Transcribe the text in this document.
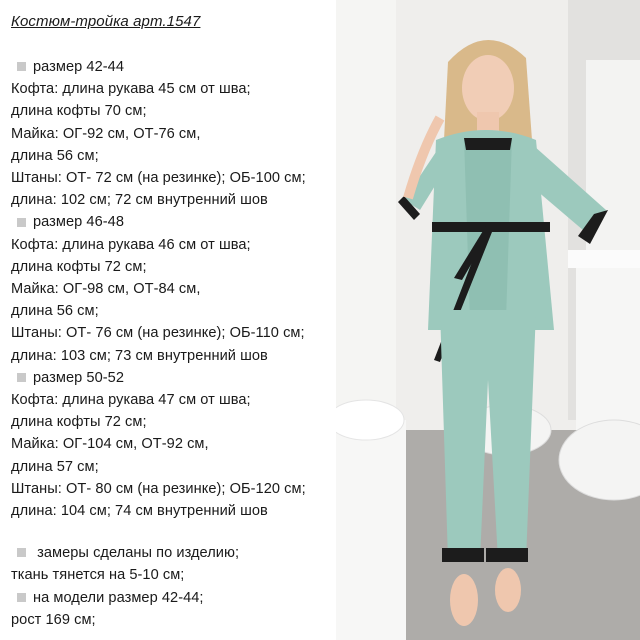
Костюм-тройка арт.1547
размер 42-44
Кофта: длина рукава 45 см от шва;
длина кофты 70 см;
Майка: ОГ-92 см, ОТ-76 см,
длина 56 см;
Штаны: ОТ- 72 см (на резинке); ОБ-100 см;
длина: 102 см; 72 см внутренний шов
размер 46-48
Кофта: длина рукава 46 см от шва;
длина кофты 72 см;
Майка: ОГ-98 см, ОТ-84 см,
длина 56 см;
Штаны: ОТ- 76 см (на резинке); ОБ-110 см;
длина: 103 см; 73 см внутренний шов
размер 50-52
Кофта: длина рукава 47 см от шва;
длина кофты 72 см;
Майка: ОГ-104 см, ОТ-92 см,
длина 57 см;
Штаны: ОТ- 80 см (на резинке); ОБ-120 см;
длина: 104 см; 74 см внутренний шов
замеры сделаны по изделию;
ткань тянется на 5-10 см;
на модели размер 42-44;
рост 169 см;
